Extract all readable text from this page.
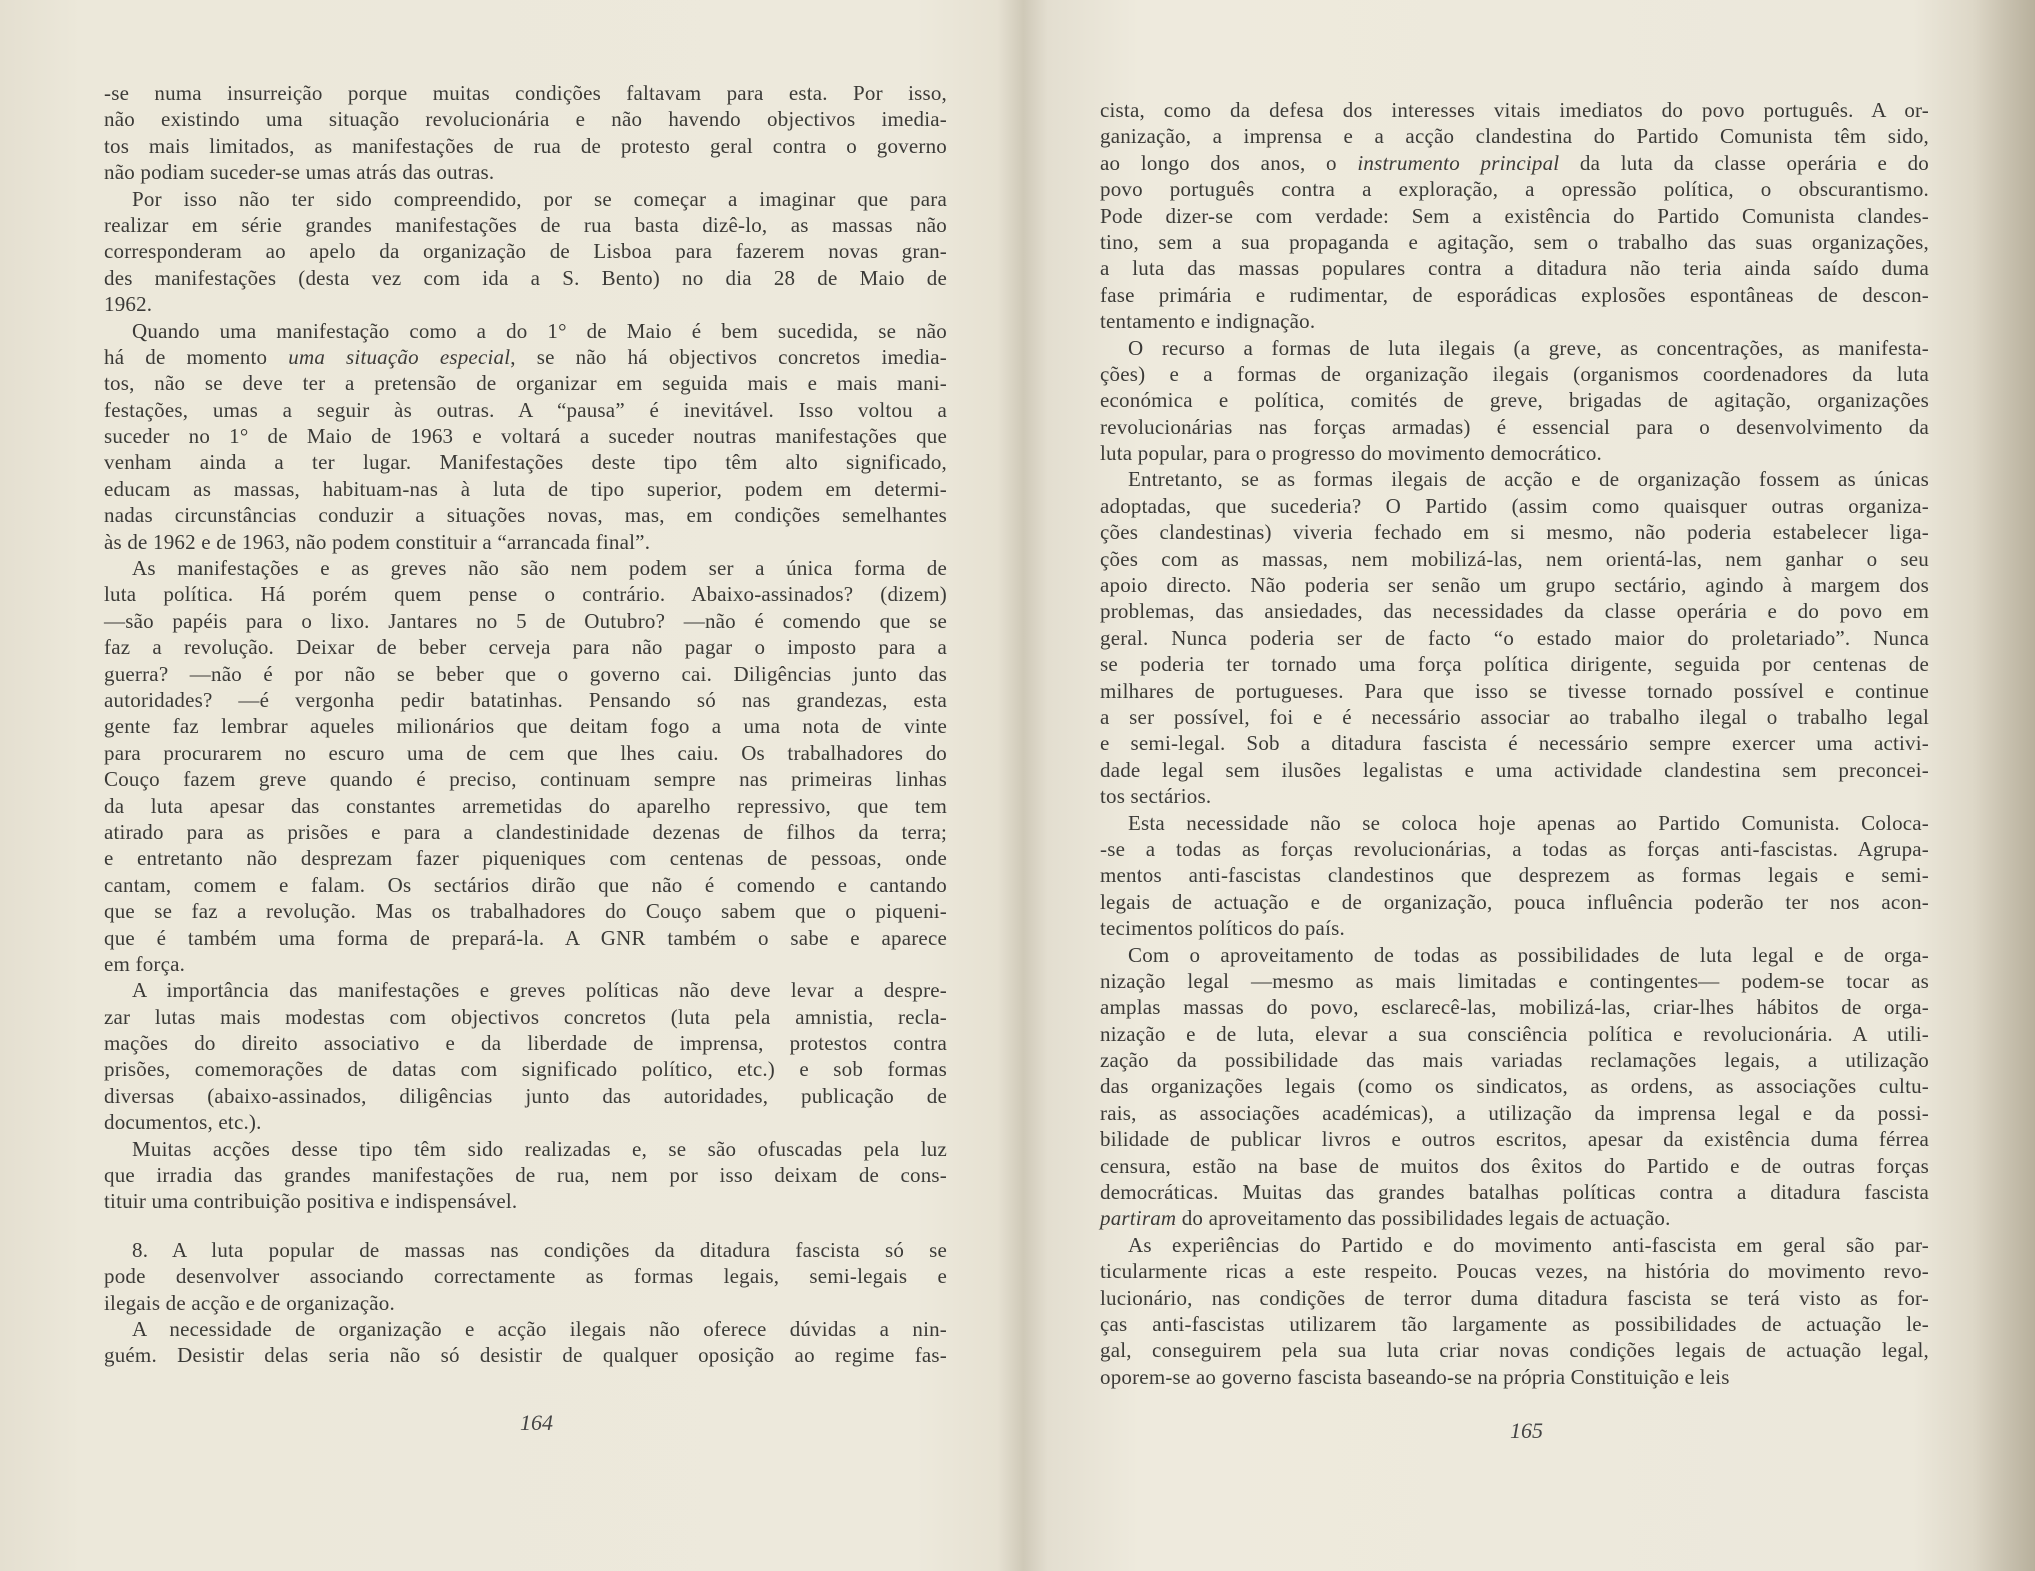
-se numa insurreição porque muitas condições faltavam para esta. Por isso,
não existindo uma situação revolucionária e não havendo objectivos imedia-
tos mais limitados, as manifestações de rua de protesto geral contra o governo
não podiam suceder-se umas atrás das outras.
Por isso não ter sido compreendido, por se começar a imaginar que para
realizar em série grandes manifestações de rua basta dizê-lo, as massas não
corresponderam ao apelo da organização de Lisboa para fazerem novas gran-
des manifestações (desta vez com ida a S. Bento) no dia 28 de Maio de
1962.
Quando uma manifestação como a do 1° de Maio é bem sucedida, se não
há de momento uma situação especial, se não há objectivos concretos imedia-
tos, não se deve ter a pretensão de organizar em seguida mais e mais mani-
festações, umas a seguir às outras. A “pausa” é inevitável. Isso voltou a
suceder no 1° de Maio de 1963 e voltará a suceder noutras manifestações que
venham ainda a ter lugar. Manifestações deste tipo têm alto significado,
educam as massas, habituam-nas à luta de tipo superior, podem em determi-
nadas circunstâncias conduzir a situações novas, mas, em condições semelhantes
às de 1962 e de 1963, não podem constituir a “arrancada final”.
As manifestações e as greves não são nem podem ser a única forma de
luta política. Há porém quem pense o contrário. Abaixo-assinados? (dizem)
—são papéis para o lixo. Jantares no 5 de Outubro? —não é comendo que se
faz a revolução. Deixar de beber cerveja para não pagar o imposto para a
guerra? —não é por não se beber que o governo cai. Diligências junto das
autoridades? —é vergonha pedir batatinhas. Pensando só nas grandezas, esta
gente faz lembrar aqueles milionários que deitam fogo a uma nota de vinte
para procurarem no escuro uma de cem que lhes caiu. Os trabalhadores do
Couço fazem greve quando é preciso, continuam sempre nas primeiras linhas
da luta apesar das constantes arremetidas do aparelho repressivo, que tem
atirado para as prisões e para a clandestinidade dezenas de filhos da terra;
e entretanto não desprezam fazer piqueniques com centenas de pessoas, onde
cantam, comem e falam. Os sectários dirão que não é comendo e cantando
que se faz a revolução. Mas os trabalhadores do Couço sabem que o piqueni-
que é também uma forma de prepará-la. A GNR também o sabe e aparece
em força.
A importância das manifestações e greves políticas não deve levar a despre-
zar lutas mais modestas com objectivos concretos (luta pela amnistia, recla-
mações do direito associativo e da liberdade de imprensa, protestos contra
prisões, comemorações de datas com significado político, etc.) e sob formas
diversas (abaixo-assinados, diligências junto das autoridades, publicação de
documentos, etc.).
Muitas acções desse tipo têm sido realizadas e, se são ofuscadas pela luz
que irradia das grandes manifestações de rua, nem por isso deixam de cons-
tituir uma contribuição positiva e indispensável.
8. A luta popular de massas nas condições da ditadura fascista só se
pode desenvolver associando correctamente as formas legais, semi-legais e
ilegais de acção e de organização.
A necessidade de organização e acção ilegais não oferece dúvidas a nin-
guém. Desistir delas seria não só desistir de qualquer oposição ao regime fas-
cista, como da defesa dos interesses vitais imediatos do povo português. A or-
ganização, a imprensa e a acção clandestina do Partido Comunista têm sido,
ao longo dos anos, o instrumento principal da luta da classe operária e do
povo português contra a exploração, a opressão política, o obscurantismo.
Pode dizer-se com verdade: Sem a existência do Partido Comunista clandes-
tino, sem a sua propaganda e agitação, sem o trabalho das suas organizações,
a luta das massas populares contra a ditadura não teria ainda saído duma
fase primária e rudimentar, de esporádicas explosões espontâneas de descon-
tentamento e indignação.
O recurso a formas de luta ilegais (a greve, as concentrações, as manifesta-
ções) e a formas de organização ilegais (organismos coordenadores da luta
económica e política, comités de greve, brigadas de agitação, organizações
revolucionárias nas forças armadas) é essencial para o desenvolvimento da
luta popular, para o progresso do movimento democrático.
Entretanto, se as formas ilegais de acção e de organização fossem as únicas
adoptadas, que sucederia? O Partido (assim como quaisquer outras organiza-
ções clandestinas) viveria fechado em si mesmo, não poderia estabelecer liga-
ções com as massas, nem mobilizá-las, nem orientá-las, nem ganhar o seu
apoio directo. Não poderia ser senão um grupo sectário, agindo à margem dos
problemas, das ansiedades, das necessidades da classe operária e do povo em
geral. Nunca poderia ser de facto “o estado maior do proletariado”. Nunca
se poderia ter tornado uma força política dirigente, seguida por centenas de
milhares de portugueses. Para que isso se tivesse tornado possível e continue
a ser possível, foi e é necessário associar ao trabalho ilegal o trabalho legal
e semi-legal. Sob a ditadura fascista é necessário sempre exercer uma activi-
dade legal sem ilusões legalistas e uma actividade clandestina sem preconcei-
tos sectários.
Esta necessidade não se coloca hoje apenas ao Partido Comunista. Coloca-
-se a todas as forças revolucionárias, a todas as forças anti-fascistas. Agrupa-
mentos anti-fascistas clandestinos que desprezem as formas legais e semi-
legais de actuação e de organização, pouca influência poderão ter nos acon-
tecimentos políticos do país.
Com o aproveitamento de todas as possibilidades de luta legal e de orga-
nização legal —mesmo as mais limitadas e contingentes— podem-se tocar as
amplas massas do povo, esclarecê-las, mobilizá-las, criar-lhes hábitos de orga-
nização e de luta, elevar a sua consciência política e revolucionária. A utili-
zação da possibilidade das mais variadas reclamações legais, a utilização
das organizações legais (como os sindicatos, as ordens, as associações cultu-
rais, as associações académicas), a utilização da imprensa legal e da possi-
bilidade de publicar livros e outros escritos, apesar da existência duma férrea
censura, estão na base de muitos dos êxitos do Partido e de outras forças
democráticas. Muitas das grandes batalhas políticas contra a ditadura fascista
partiram do aproveitamento das possibilidades legais de actuação.
As experiências do Partido e do movimento anti-fascista em geral são par-
ticularmente ricas a este respeito. Poucas vezes, na história do movimento revo-
lucionário, nas condições de terror duma ditadura fascista se terá visto as for-
ças anti-fascistas utilizarem tão largamente as possibilidades de actuação le-
gal, conseguirem pela sua luta criar novas condições legais de actuação legal,
oporem-se ao governo fascista baseando-se na própria Constituição e leis
164	165
